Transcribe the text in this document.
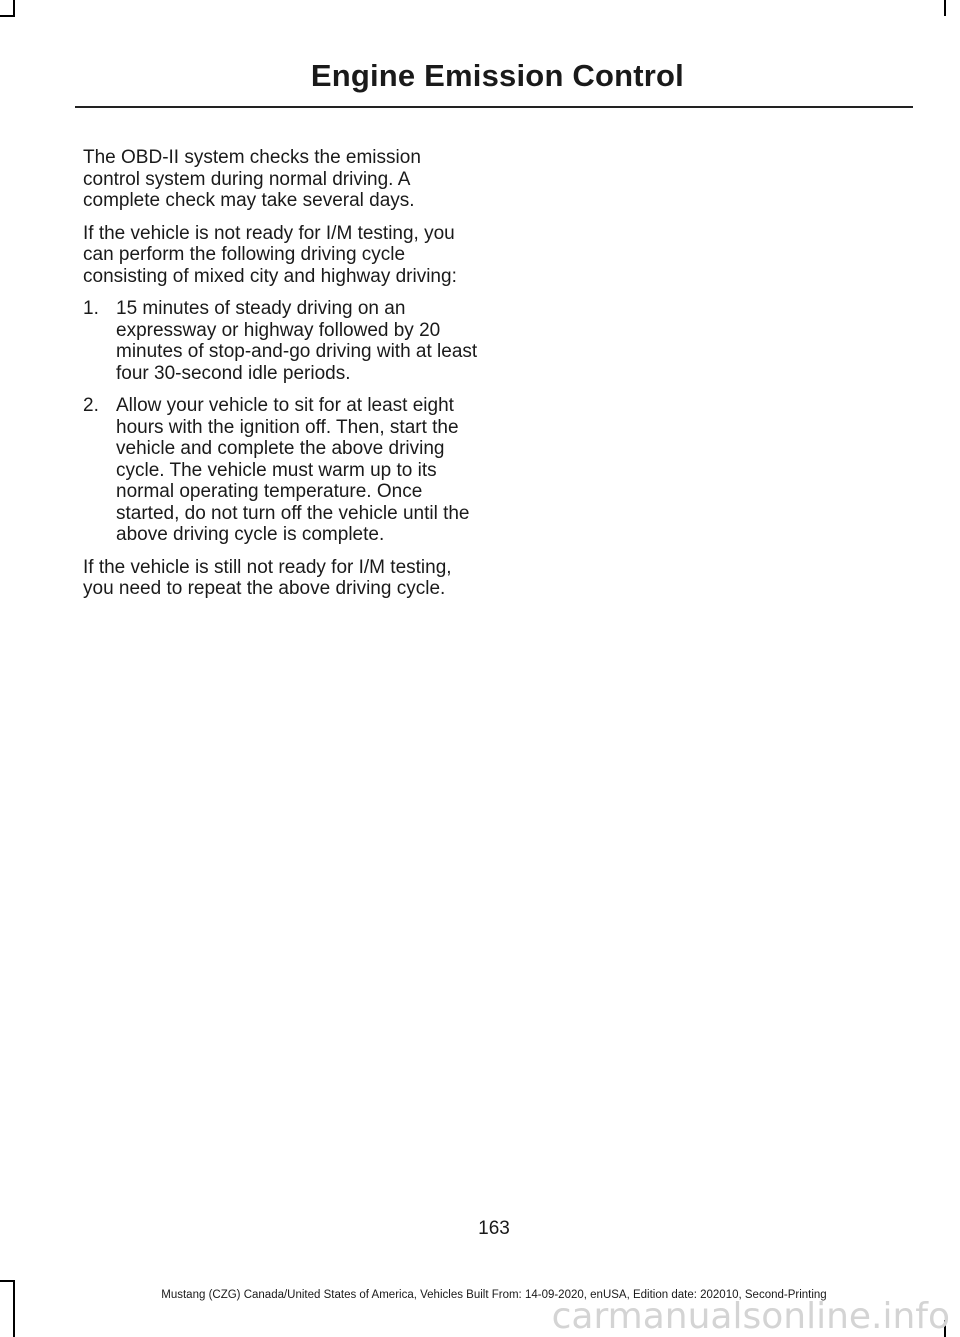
Engine Emission Control

The OBD-II system checks the emission control system during normal driving. A complete check may take several days.

If the vehicle is not ready for I/M testing, you can perform the following driving cycle consisting of mixed city and highway driving:

1. 15 minutes of steady driving on an expressway or highway followed by 20 minutes of stop-and-go driving with at least four 30-second idle periods.
2. Allow your vehicle to sit for at least eight hours with the ignition off. Then, start the vehicle and complete the above driving cycle. The vehicle must warm up to its normal operating temperature. Once started, do not turn off the vehicle until the above driving cycle is complete.

If the vehicle is still not ready for I/M testing, you need to repeat the above driving cycle.

163
Mustang (CZG) Canada/United States of America, Vehicles Built From: 14-09-2020, enUSA, Edition date: 202010, Second-Printing
carmanualsonline.info
